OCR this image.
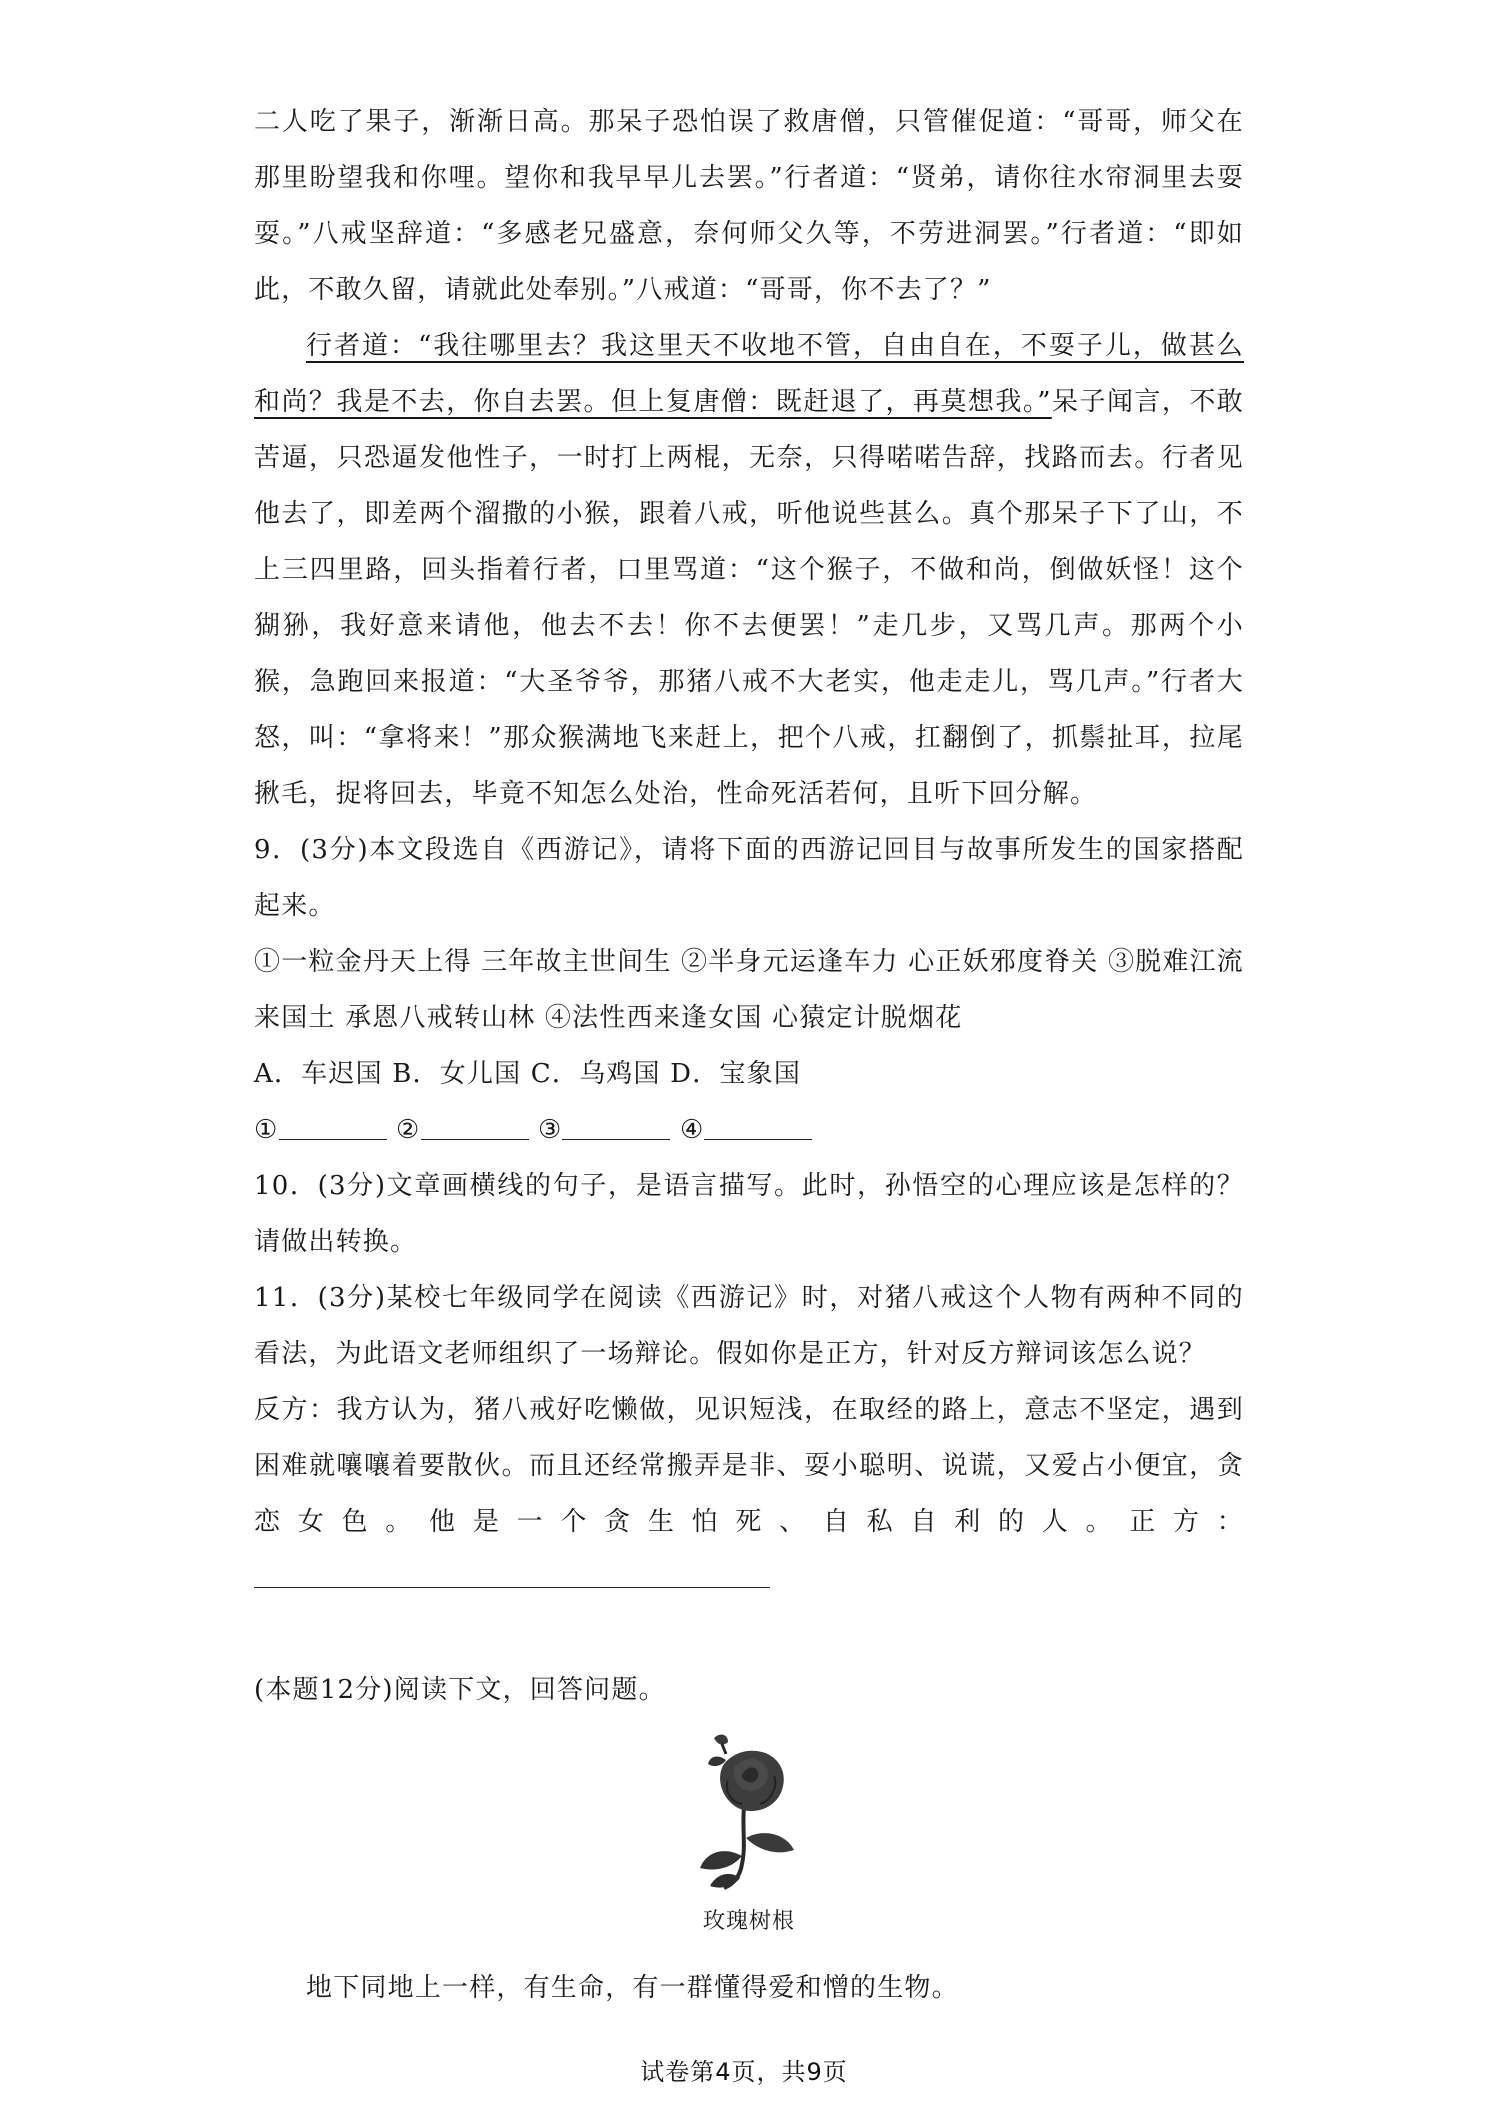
二人吃了果子，渐渐日高。那呆子恐怕误了救唐僧，只管催促道：“哥哥，师父在那里盼望我和你哩。望你和我早早儿去罢。”行者道：“贤弟，请你往水帘洞里去耍耍。”八戒坚辞道：“多感老兄盛意，奈何师父久等，不劳进洞罢。”行者道：“即如此，不敢久留，请就此处奉别。”八戒道：“哥哥，你不去了？”

行者道：“我往哪里去？我这里天不收地不管，自由自在，不耍子儿，做甚么和尚？我是不去，你自去罢。但上复唐僧：既赶退了，再莫想我。”呆子闻言，不敢苦逼，只恐逼发他性子，一时打上两棍，无奈，只得喏喏告辞，找路而去。行者见他去了，即差两个溜撒的小猴，跟着八戒，听他说些甚么。真个那呆子下了山，不上三四里路，回头指着行者，口里骂道：“这个猴子，不做和尚，倒做妖怪！这个猢狲，我好意来请他，他去不去！你不去便罢！”走几步，又骂几声。那两个小猴，急跑回来报道：“大圣爷爷，那猪八戒不大老实，他走走儿，骂几声。”行者大怒，叫：“拿将来！”那众猴满地飞来赶上，把个八戒，扛翻倒了，抓鬃扯耳，拉尾揪毛，捉将回去，毕竟不知怎么处治，性命死活若何，且听下回分解。

9．(3分)本文段选自《西游记》，请将下面的西游记回目与故事所发生的国家搭配起来。

①一粒金丹天上得 三年故主世间生 ②半身元运逢车力 心正妖邪度脊关 ③脱难江流来国土 承恩八戒转山林 ④法性西来逢女国 心猿定计脱烟花

A．车迟国 B．女儿国 C．乌鸡国 D．宝象国

①	②	③	④

10．(3分)文章画横线的句子，是语言描写。此时，孙悟空的心理应该是怎样的？请做出转换。

11．(3分)某校七年级同学在阅读《西游记》时，对猪八戒这个人物有两种不同的看法，为此语文老师组织了一场辩论。假如你是正方，针对反方辩词该怎么说？

反方：我方认为，猪八戒好吃懒做，见识短浅，在取经的路上，意志不坚定，遇到困难就嚷嚷着要散伙。而且还经常搬弄是非、耍小聪明、说谎，又爱占小便宜，贪恋女色。他是一个贪生怕死、自私自利的人。正方：

(本题12分)阅读下文，回答问题。

玫瑰树根

地下同地上一样，有生命，有一群懂得爱和憎的生物。

试卷第4页，共9页
